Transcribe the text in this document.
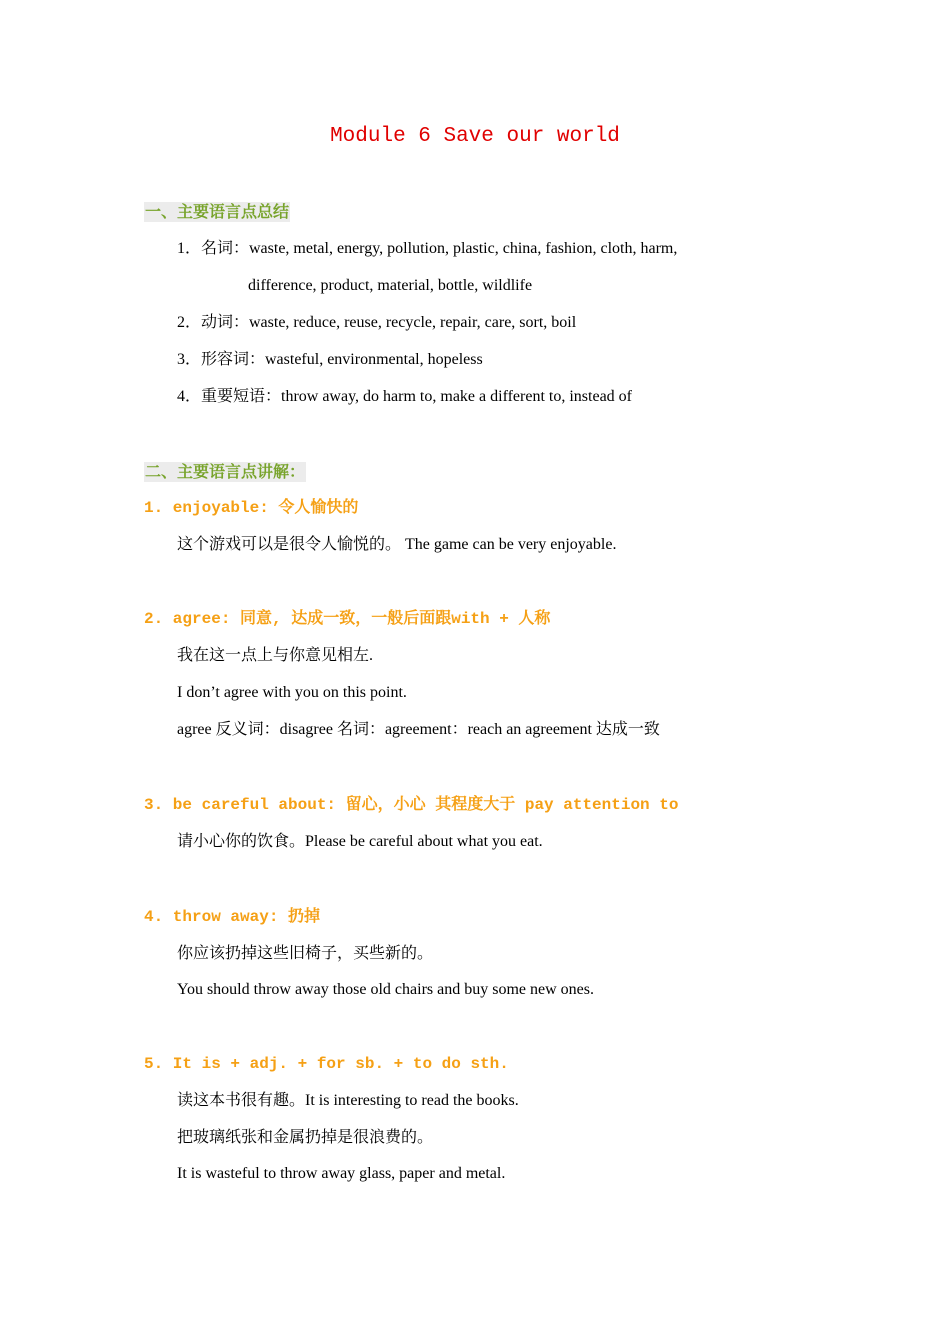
Module 6 Save our world
一、主要语言点总结
1．名词：waste, metal, energy, pollution, plastic, china, fashion, cloth, harm,
difference, product, material, bottle, wildlife
2．动词：waste, reduce, reuse, recycle, repair, care, sort, boil
3．形容词：wasteful, environmental, hopeless
4．重要短语：throw away, do harm to, make a different to, instead of
二、主要语言点讲解：
1. enjoyable: 令人愉快的
这个游戏可以是很令人愉悦的。 The game can be very enjoyable.
2. agree: 同意, 达成一致，一般后面跟with + 人称
我在这一点上与你意见相左.
I don’t agree with you on this point.
agree 反义词：disagree 名词：agreement：reach an agreement 达成一致
3. be careful about: 留心，小心 其程度大于 pay attention to
请小心你的饮食。Please be careful about what you eat.
4. throw away: 扔掉
你应该扔掉这些旧椅子，买些新的。
You should throw away those old chairs and buy some new ones.
5. It is + adj. + for sb. + to do sth.
读这本书很有趣。It is interesting to read the books.
把玻璃纸张和金属扔掉是很浪费的。
It is wasteful to throw away glass, paper and metal.
